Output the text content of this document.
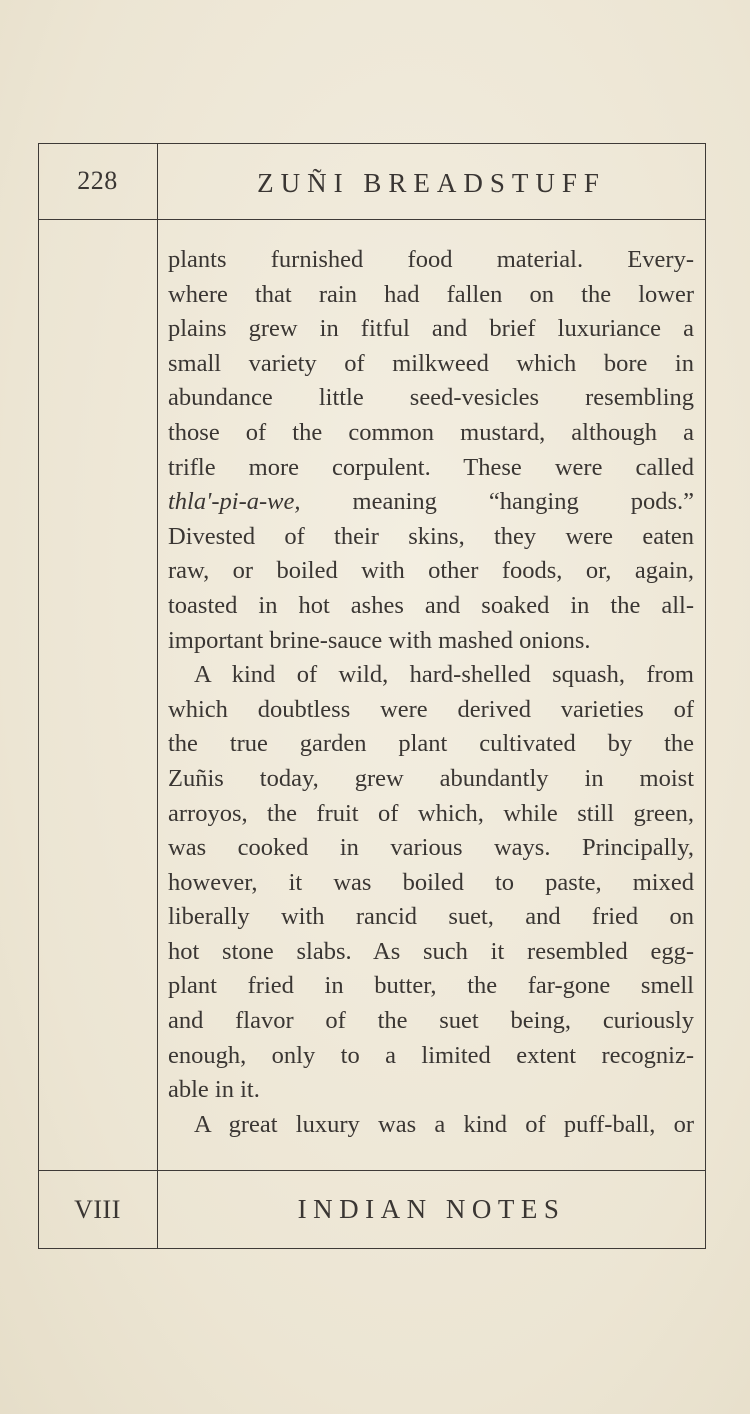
228	ZUÑI BREADSTUFF
plants furnished food material. Every-
where that rain had fallen on the lower
plains grew in fitful and brief luxuriance a
small variety of milkweed which bore in
abundance little seed-vesicles resembling
those of the common mustard, although a
trifle more corpulent. These were called
thla'-pi-a-we, meaning “hanging pods.”
Divested of their skins, they were eaten
raw, or boiled with other foods, or, again,
toasted in hot ashes and soaked in the all-
important brine-sauce with mashed onions.
A kind of wild, hard-shelled squash, from
which doubtless were derived varieties of
the true garden plant cultivated by the
Zuñis today, grew abundantly in moist
arroyos, the fruit of which, while still green,
was cooked in various ways. Principally,
however, it was boiled to paste, mixed
liberally with rancid suet, and fried on
hot stone slabs. As such it resembled egg-
plant fried in butter, the far-gone smell
and flavor of the suet being, curiously
enough, only to a limited extent recogniz-
able in it.
A great luxury was a kind of puff-ball, or
VIII	INDIAN NOTES
